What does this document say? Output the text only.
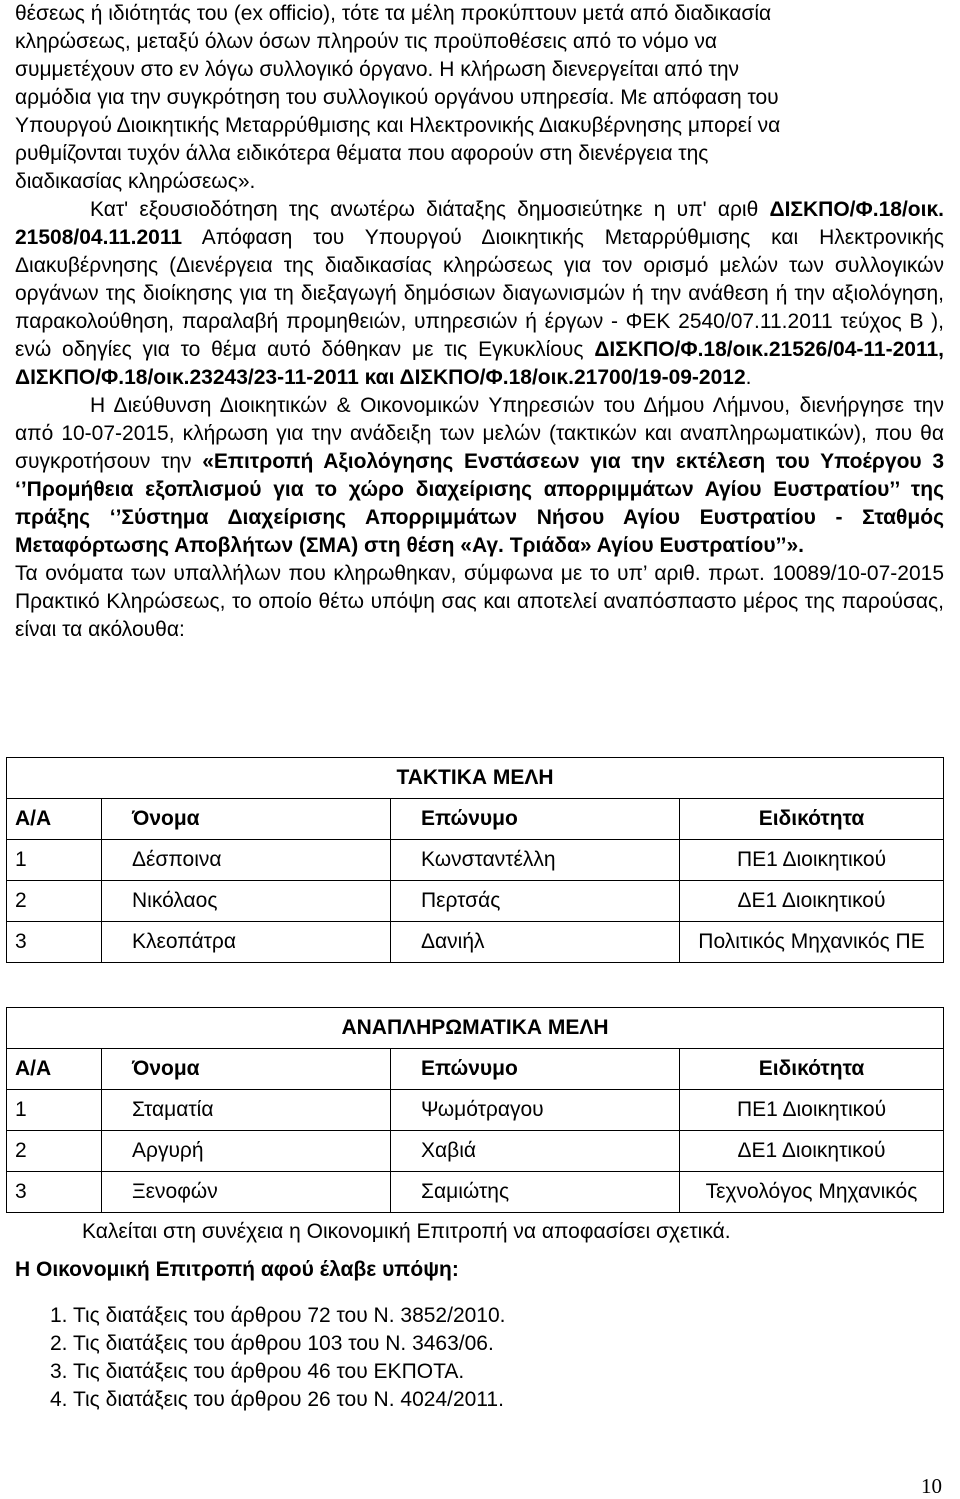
θέσεως ή ιδιότητάς του (ex officio), τότε τα μέλη προκύπτουν μετά από διαδικασία

κληρώσεως, μεταξύ όλων όσων πληρούν τις προϋποθέσεις από το νόμο να

συμμετέχουν στο εν λόγω συλλογικό όργανο. Η κλήρωση διενεργείται από την

αρμόδια για την συγκρότηση του συλλογικού οργάνου υπηρεσία. Με απόφαση του

Υπουργού Διοικητικής Μεταρρύθμισης και Ηλεκτρονικής Διακυβέρνησης μπορεί να

ρυθμίζονται τυχόν άλλα ειδικότερα θέματα που αφορούν στη διενέργεια της

διαδικασίας κληρώσεως».

Κατ' εξουσιοδότηση της ανωτέρω διάταξης δημοσιεύτηκε η υπ' αριθ ΔΙΣΚΠΟ/Φ.18/οικ. 21508/04.11.2011 Απόφαση του Υπουργού Διοικητικής Μεταρρύθμισης και Ηλεκτρονικής Διακυβέρνησης (Διενέργεια της διαδικασίας κληρώσεως για τον ορισμό μελών των συλλογικών οργάνων της διοίκησης για τη διεξαγωγή δημόσιων διαγωνισμών ή την ανάθεση ή την αξιολόγηση, παρακολούθηση, παραλαβή προμηθειών, υπηρεσιών ή έργων - ΦΕΚ 2540/07.11.2011 τεύχος Β ), ενώ οδηγίες για το θέμα αυτό δόθηκαν με τις Εγκυκλίους ΔΙΣΚΠΟ/Φ.18/οικ.21526/04-11-2011, ΔΙΣΚΠΟ/Φ.18/οικ.23243/23-11-2011 και ΔΙΣΚΠΟ/Φ.18/οικ.21700/19-09-2012.

Η Διεύθυνση Διοικητικών & Οικονομικών Υπηρεσιών του Δήμου Λήμνου, διενήργησε την από 10-07-2015, κλήρωση για την ανάδειξη των μελών (τακτικών και αναπληρωματικών), που θα συγκροτήσουν την «Επιτροπή Αξιολόγησης Ενστάσεων για την εκτέλεση του Υποέργου 3 ‘’Προμήθεια εξοπλισμού για το χώρο διαχείρισης απορριμμάτων Αγίου Ευστρατίου’’ της πράξης ‘’Σύστημα Διαχείρισης Απορριμμάτων Νήσου Αγίου Ευστρατίου - Σταθμός Μεταφόρτωσης Αποβλήτων (ΣΜΑ) στη θέση «Αγ. Τριάδα» Αγίου Ευστρατίου’’».

Τα ονόματα των υπαλλήλων που κληρωθηκαν, σύμφωνα με το υπ’ αριθ. πρωτ. 10089/10-07-2015 Πρακτικό Κληρώσεως, το οποίο θέτω υπόψη σας και αποτελεί αναπόσπαστο μέρος της παρούσας, είναι τα ακόλουθα:

ΤΑΚΤΙΚΑ ΜΕΛΗ			
Α/Α	Όνομα	Επώνυμο	Ειδικότητα
1	Δέσποινα	Κωνσταντέλλη	ΠΕ1 Διοικητικού
2	Νικόλαος	Περτσάς	ΔΕ1 Διοικητικού
3	Κλεοπάτρα	Δανιήλ	Πολιτικός Μηχανικός ΠΕ
ΑΝΑΠΛΗΡΩΜΑΤΙΚΑ ΜΕΛΗ			
Α/Α	Όνομα	Επώνυμο	Ειδικότητα
1	Σταματία	Ψωμότραγου	ΠΕ1 Διοικητικού
2	Αργυρή	Χαβιά	ΔΕ1 Διοικητικού
3	Ξενοφών	Σαμιώτης	Τεχνολόγος Μηχανικός

Καλείται στη συνέχεια η Οικονομική Επιτροπή να αποφασίσει σχετικά.

Η Οικονομική Επιτροπή αφού έλαβε υπόψη:

1. Τις διατάξεις του άρθρου 72 του Ν. 3852/2010.
2. Τις διατάξεις του άρθρου 103 του Ν. 3463/06.
3. Τις διατάξεις του άρθρου 46 του ΕΚΠΟΤΑ.
4. Τις διατάξεις του άρθρου 26 του Ν. 4024/2011.
10
